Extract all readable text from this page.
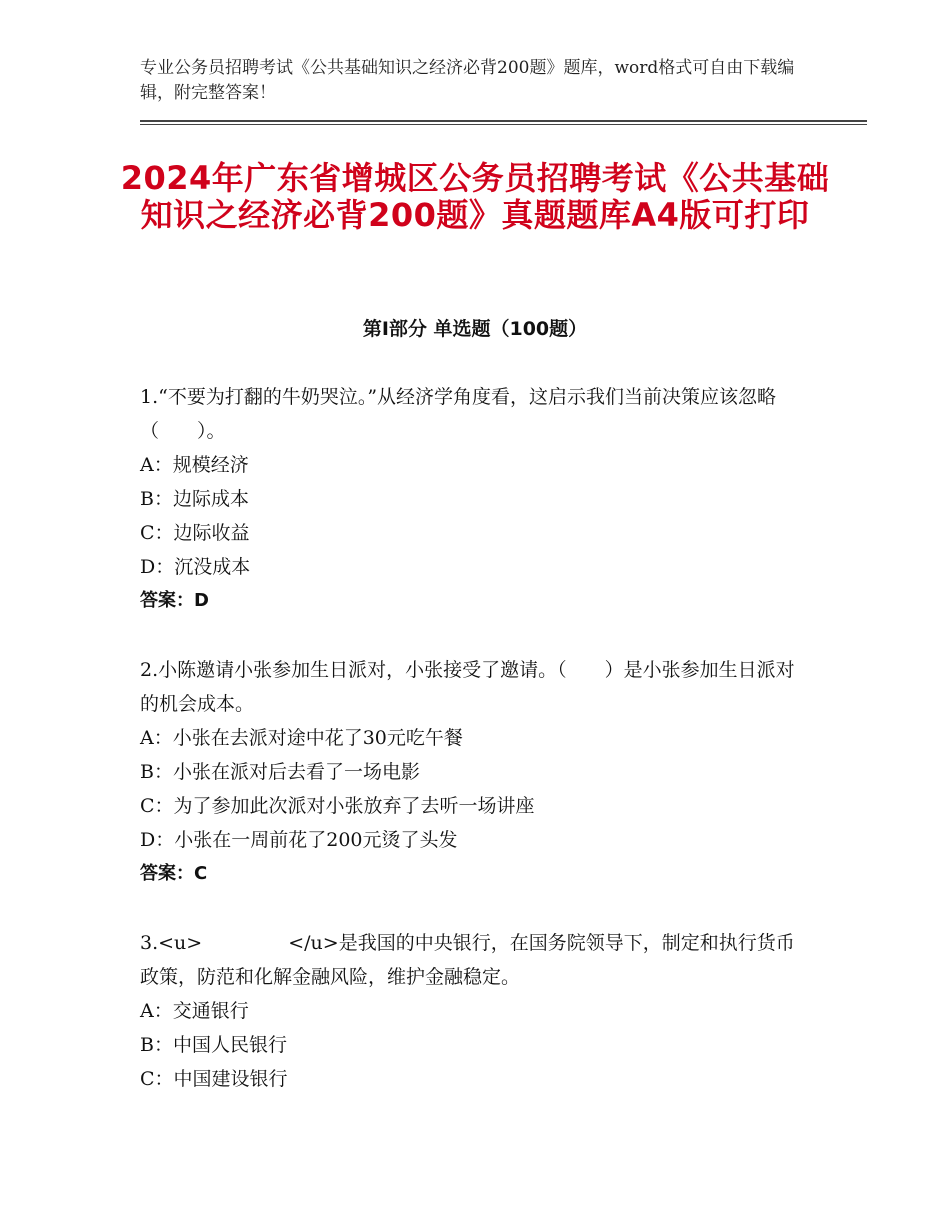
专业公务员招聘考试《公共基础知识之经济必背200题》题库，word格式可自由下载编辑，附完整答案！
2024年广东省增城区公务员招聘考试《公共基础知识之经济必背200题》真题题库A4版可打印
第Ⅰ部分 单选题（100题）

1.“不要为打翻的牛奶哭泣。”从经济学角度看，这启示我们当前决策应该忽略（　　）。

A：规模经济

B：边际成本

C：边际收益

D：沉没成本

答案：D

2.小陈邀请小张参加生日派对，小张接受了邀请。（　　）是小张参加生日派对的机会成本。

A：小张在去派对途中花了30元吃午餐

B：小张在派对后去看了一场电影

C：为了参加此次派对小张放弃了去听一场讲座

D：小张在一周前花了200元烫了头发

答案：C

3.<u>	</u>是我国的中央银行，在国务院领导下，制定和执行货币政策，防范和化解金融风险，维护金融稳定。

A：交通银行

B：中国人民银行

C：中国建设银行
